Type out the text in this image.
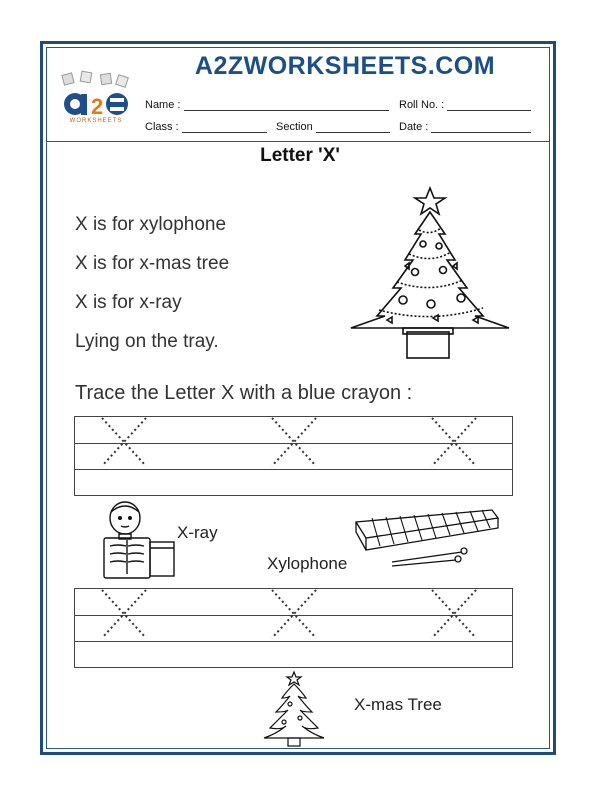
A2ZWORKSHEETS.COM
2
WORKSHEETS
Name :	Roll No. :
Class :	Section	Date :
Letter 'X'
X is for xylophone
X is for x-mas tree
X is for x-ray
Lying on the tray.
Trace the Letter X with a blue crayon :
X-ray
Xylophone
X-mas Tree
